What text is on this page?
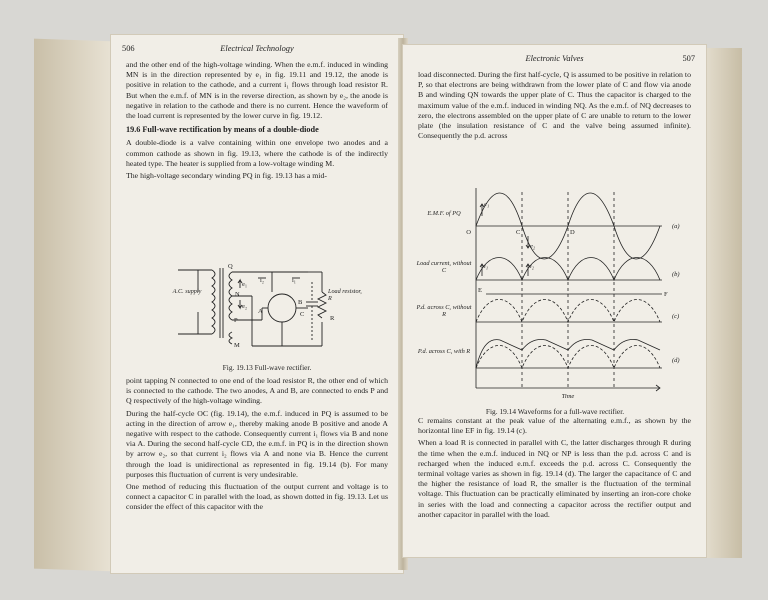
506	Electrical Technology

and the other end of the high-voltage winding. When the e.m.f. induced in winding MN is in the direction represented by e₁ in fig. 19.11 and 19.12, the anode is positive in relation to the cathode, and a current i₁ flows through load resistor R. But when the e.m.f. of MN is in the reverse direction, as shown by e₂, the anode is negative in relation to the cathode and there is no current. Hence the waveform of the load current is represented by the lower curve in fig. 19.12.

19.6 Full-wave rectification by means of a double-diode

A double-diode is a valve containing within one envelope two anodes and a common cathode as shown in fig. 19.13, where the cathode is of the indirectly heated type. The heater is supplied from a low-voltage winding M.

The high-voltage secondary winding PQ in fig. 19.13 has a mid-

Q
N
P
M
A
B
C
R
e₁
e₂
i₂	i₁
A.C. supply	Load resistor, R
Fig. 19.13 Full-wave rectifier.

point tapping N connected to one end of the load resistor R, the other end of which is connected to the cathode. The two anodes, A and B, are connected to ends P and Q respectively of the high-voltage winding.

During the half-cycle OC (fig. 19.14), the e.m.f. induced in PQ is assumed to be acting in the direction of arrow e₁, thereby making anode B positive and anode A negative with respect to the cathode. Consequently current i₁ flows via B and none via A. During the second half-cycle CD, the e.m.f. in PQ is in the direction shown by arrow e₂, so that current i₂ flows via A and none via B. Hence the current through the load is unidirectional as represented in fig. 19.14 (b). For many purposes this fluctuation of current is very undesirable.

One method of reducing this fluctuation of the output current and voltage is to connect a capacitor C in parallel with the load, as shown dotted in fig. 19.13. Let us consider the effect of this capacitor with the

Electronic Valves	507

load disconnected. During the first half-cycle, Q is assumed to be positive in relation to P, so that electrons are being withdrawn from the lower plate of C and flow via anode B and winding QN towards the upper plate of C. Thus the capacitor is charged to the maximum value of the e.m.f. induced in winding NQ. As the e.m.f. of NQ decreases to zero, the electrons assembled on the upper plate of C are unable to return to the lower plate (the insulation resistance of C and the valve being assumed infinite). Consequently the p.d. across

O	C	D
E
F
e₁
e₂
i₁	i₂
(a)
(b)
(c)
(d)
Time
E.M.F. of PQ
Load current, without C
P.d. across C, without R
P.d. across C, with R
Fig. 19.14 Waveforms for a full-wave rectifier.

C remains constant at the peak value of the alternating e.m.f., as shown by the horizontal line EF in fig. 19.14 (c).

When a load R is connected in parallel with C, the latter discharges through R during the time when the e.m.f. induced in NQ or NP is less than the p.d. across C and is recharged when the induced e.m.f. exceeds the p.d. across C. Consequently the terminal voltage varies as shown in fig. 19.14 (d). The larger the capacitance of C and the higher the resistance of load R, the smaller is the fluctuation of the terminal voltage. This fluctuation can be practically eliminated by inserting an iron-core choke in series with the load and connecting a capacitor across the rectifier output and another capacitor in parallel with the load.
